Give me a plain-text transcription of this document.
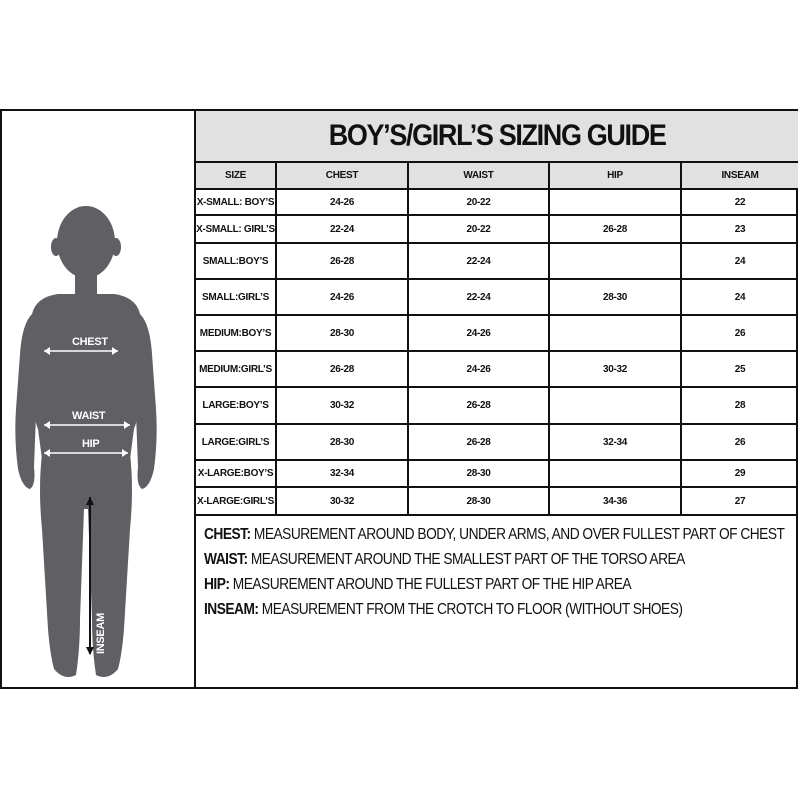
CHEST
WAIST
HIP
INSEAM
BOY’S/GIRL’S SIZING GUIDE
SIZE	CHEST	WAIST	HIP	INSEAM
X-SMALL: BOY’S	24-26	20-22		22
X-SMALL: GIRL’S	22-24	20-22	26-28	23
SMALL:BOY’S	26-28	22-24		24
SMALL:GIRL’S	24-26	22-24	28-30	24
MEDIUM:BOY’S	28-30	24-26		26
MEDIUM:GIRL’S	26-28	24-26	30-32	25
LARGE:BOY’S	30-32	26-28		28
LARGE:GIRL’S	28-30	26-28	32-34	26
X-LARGE:BOY’S	32-34	28-30		29
X-LARGE:GIRL’S	30-32	28-30	34-36	27
CHEST: MEASUREMENT AROUND BODY, UNDER ARMS, AND OVER FULLEST PART OF CHEST
WAIST: MEASUREMENT AROUND THE SMALLEST PART OF THE TORSO AREA
HIP: MEASUREMENT AROUND THE FULLEST PART OF THE HIP AREA
INSEAM: MEASUREMENT FROM THE CROTCH TO FLOOR (WITHOUT SHOES)
